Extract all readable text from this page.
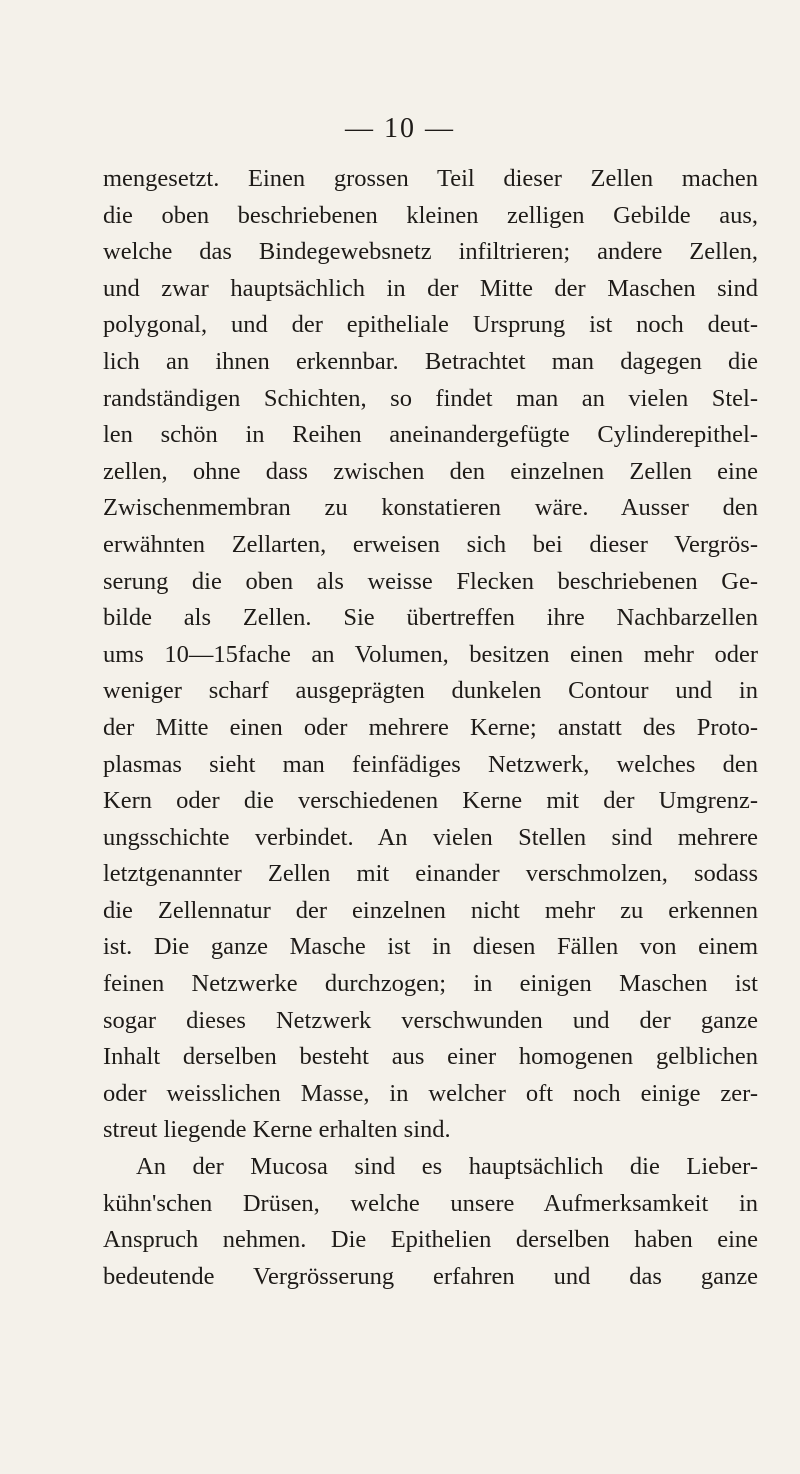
— 10 —
mengesetzt. Einen grossen Teil dieser Zellen machen
die oben beschriebenen kleinen zelligen Gebilde aus,
welche das Bindegewebsnetz infiltrieren; andere Zellen,
und zwar hauptsächlich in der Mitte der Maschen sind
polygonal, und der epitheliale Ursprung ist noch deut-
lich an ihnen erkennbar. Betrachtet man dagegen die
randständigen Schichten, so findet man an vielen Stel-
len schön in Reihen aneinandergefügte Cylinderepithel-
zellen, ohne dass zwischen den einzelnen Zellen eine
Zwischenmembran zu konstatieren wäre. Ausser den
erwähnten Zellarten, erweisen sich bei dieser Vergrös-
serung die oben als weisse Flecken beschriebenen Ge-
bilde als Zellen. Sie übertreffen ihre Nachbarzellen
ums 10—15fache an Volumen, besitzen einen mehr oder
weniger scharf ausgeprägten dunkelen Contour und in
der Mitte einen oder mehrere Kerne; anstatt des Proto-
plasmas sieht man feinfädiges Netzwerk, welches den
Kern oder die verschiedenen Kerne mit der Umgrenz-
ungsschichte verbindet. An vielen Stellen sind mehrere
letztgenannter Zellen mit einander verschmolzen, sodass
die Zellennatur der einzelnen nicht mehr zu erkennen
ist. Die ganze Masche ist in diesen Fällen von einem
feinen Netzwerke durchzogen; in einigen Maschen ist
sogar dieses Netzwerk verschwunden und der ganze
Inhalt derselben besteht aus einer homogenen gelblichen
oder weisslichen Masse, in welcher oft noch einige zer-
streut liegende Kerne erhalten sind.
An der Mucosa sind es hauptsächlich die Lieber-
kühn'schen Drüsen, welche unsere Aufmerksamkeit in
Anspruch nehmen. Die Epithelien derselben haben eine
bedeutende Vergrösserung erfahren und das ganze
